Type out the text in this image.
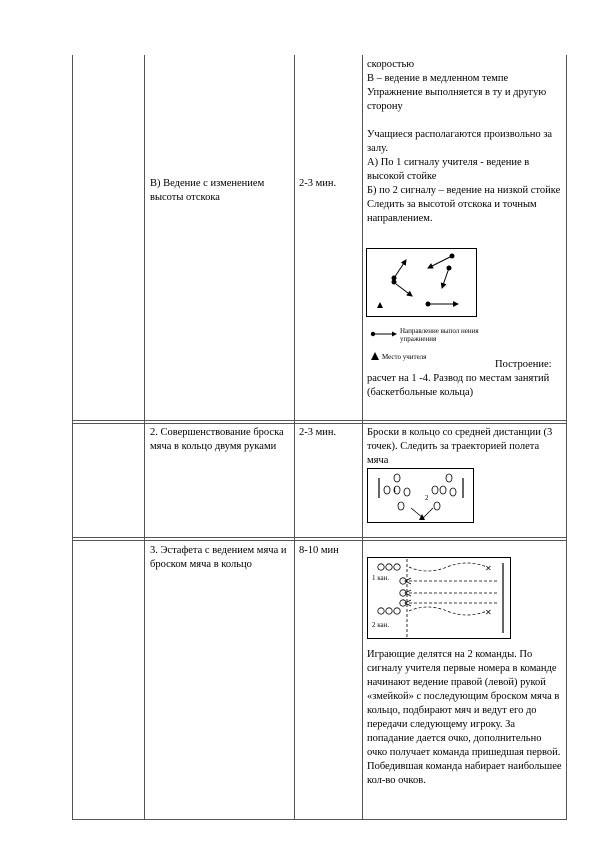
В) Ведение с изменением высоты отскока
2-3 мин.

скоростью

В – ведение в медленном темпе

Упражнение выполняется в ту и другую сторону

Учащиеся располагаются произвольно за залу.

А) По 1 сигналу учителя - ведение в высокой стойке

Б) по 2 сигналу – ведение на низкой стойке

Следить за высотой отскока и точным направлением.

Направление выпол нения упражнения
Место учителя
Построение:
расчет на 1 -4. Развод по местам занятий (баскетбольные кольца)
2. Совершенствование броска мяча в кольцо двумя руками
2-3 мин.	Броски в кольцо со средней дистанции (3 точек). Следить за траекторией полета мяча
1
2
3. Эстафета с ведением мяча и броском мяча в кольцо
8-10 мин
✕
✕
1 кан.
2 кан.
Играющие делятся на 2 команды. По сигналу учителя первые номера в команде начинают ведение правой (левой) рукой «змейкой» с последующим броском мяча в кольцо, подбирают мяч и ведут его до передачи следующему игроку. За попадание дается очко, дополнительно очко получает команда пришедшая первой. Победившая команда набирает наибольшее кол-во очков.
